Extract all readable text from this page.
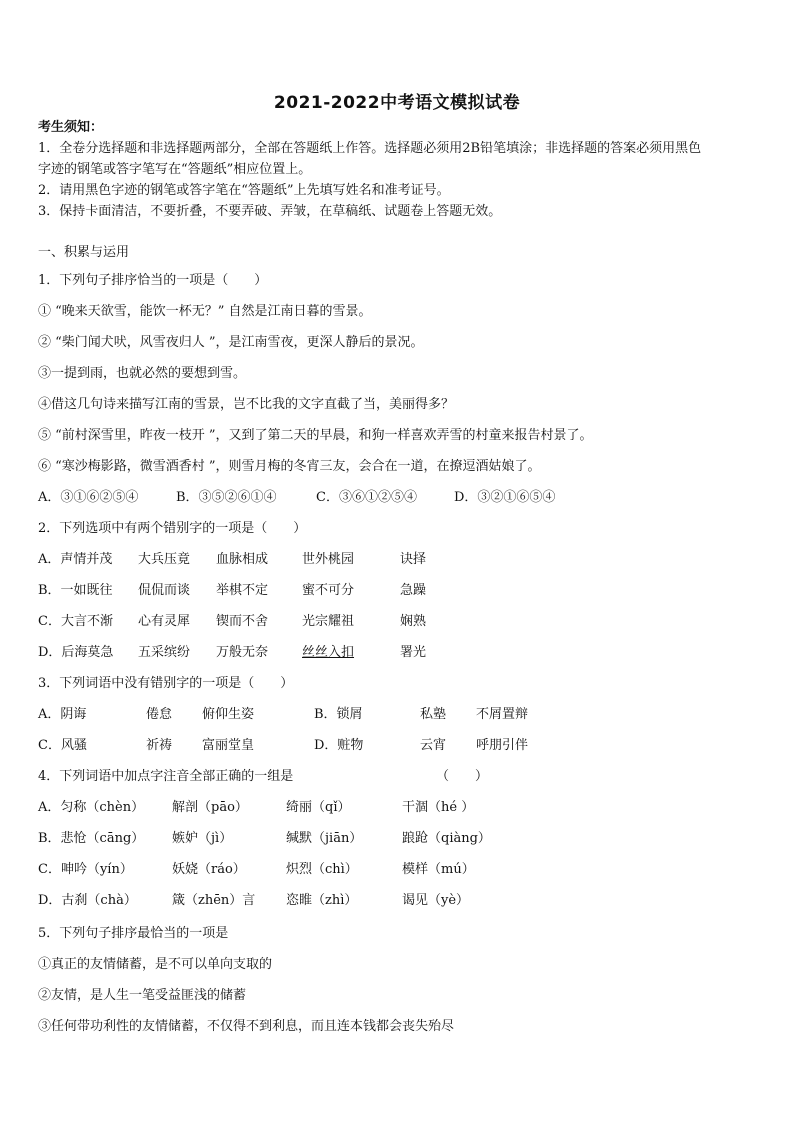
2021-2022中考语文模拟试卷
考生须知：
1．全卷分选择题和非选择题两部分，全部在答题纸上作答。选择题必须用2B铅笔填涂；非选择题的答案必须用黑色
字迹的钢笔或答字笔写在“答题纸”相应位置上。
2．请用黑色字迹的钢笔或答字笔在“答题纸”上先填写姓名和准考证号。
3．保持卡面清洁，不要折叠，不要弄破、弄皱，在草稿纸、试题卷上答题无效。
一、积累与运用
1．下列句子排序恰当的一项是（　　）
① “晚来天欲雪，能饮一杯无？” 自然是江南日暮的雪景。
② “柴门闻犬吠，风雪夜归人 ”，是江南雪夜，更深人静后的景况。
③一提到雨，也就必然的要想到雪。
④借这几句诗来描写江南的雪景，岂不比我的文字直截了当，美丽得多？
⑤ “前村深雪里，昨夜一枝开 ”，又到了第二天的早晨，和狗一样喜欢弄雪的村童来报告村景了。
⑥ “寒沙梅影路，微雪酒香村 ”，则雪月梅的冬宵三友，会合在一道，在撩逗酒姑娘了。
A．③①⑥②⑤④	B．③⑤②⑥①④	C．③⑥①②⑤④	D．③②①⑥⑤④
2．下列选项中有两个错别字的一项是（　　）
A．声情并茂 大兵压竟 血脉相成	世外桃园	诀择
B．一如既往 侃侃而谈 举棋不定	蜜不可分	急躁
C．大言不渐 心有灵犀 锲而不舍	光宗耀祖	娴熟
D．后海莫急 五采缤纷 万般无奈	丝丝入扣	署光
3．下列词语中没有错别字的一项是（　　）
A．阴诲	倦怠 俯仰生姿	B．锁屑	私塾 不屑置辩
C．风骚	祈祷 富丽堂皇	D．赃物	云宵 呼朋引伴
4．下列词语中加点字注音全部正确的一组是	（　　）
A．匀称（chèn） 解剖（pāo）	绮丽（qǐ）	干涸（hé ）
B．悲怆（cāng） 嫉妒（jì）	缄默（jiān）	踉跄（qiàng）
C．呻吟（yín）	妖娆（ráo）	炽烈（chì）	模样（mú）
D．古刹（chà）	箴（zhēn）言 恣睢（zhì）	谒见（yè）
5．下列句子排序最恰当的一项是
①真正的友情储蓄，是不可以单向支取的
②友情，是人生一笔受益匪浅的储蓄
③任何带功利性的友情储蓄，不仅得不到利息，而且连本钱都会丧失殆尽
